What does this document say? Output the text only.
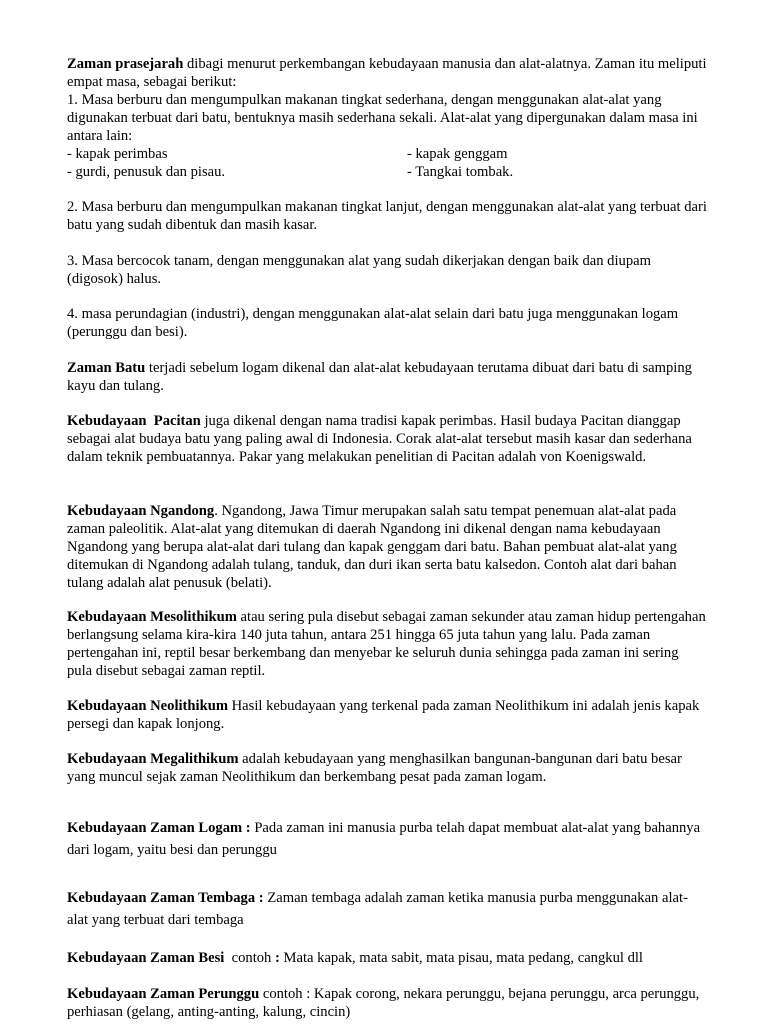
Zaman prasejarah dibagi menurut perkembangan kebudayaan manusia dan alat-alatnya. Zaman itu meliputi empat masa, sebagai berikut:

1. Masa berburu dan mengumpulkan makanan tingkat sederhana, dengan menggunakan alat-alat yang digunakan terbuat dari batu, bentuknya masih sederhana sekali. Alat-alat yang dipergunakan dalam masa ini antara lain:

- kapak perimbas	- kapak genggam
- gurdi, penusuk dan pisau.	- Tangkai tombak.

2. Masa berburu dan mengumpulkan makanan tingkat lanjut, dengan menggunakan alat-alat yang terbuat dari batu yang sudah dibentuk dan masih kasar.

3. Masa bercocok tanam, dengan menggunakan alat yang sudah dikerjakan dengan baik dan diupam (digosok) halus.

4. masa perundagian (industri), dengan menggunakan alat-alat selain dari batu juga menggunakan logam (perunggu dan besi).

Zaman Batu terjadi sebelum logam dikenal dan alat-alat kebudayaan terutama dibuat dari batu di samping kayu dan tulang.

Kebudayaan  Pacitan juga dikenal dengan nama tradisi kapak perimbas. Hasil budaya Pacitan dianggap sebagai alat budaya batu yang paling awal di Indonesia. Corak alat-alat tersebut masih kasar dan sederhana dalam teknik pembuatannya. Pakar yang melakukan penelitian di Pacitan adalah von Koenigswald.

Kebudayaan Ngandong. Ngandong, Jawa Timur merupakan salah satu tempat penemuan alat-alat pada zaman paleolitik. Alat-alat yang ditemukan di daerah Ngandong ini dikenal dengan nama kebudayaan Ngandong yang berupa alat-alat dari tulang dan kapak genggam dari batu. Bahan pembuat alat-alat yang ditemukan di Ngandong adalah tulang, tanduk, dan duri ikan serta batu kalsedon. Contoh alat dari bahan tulang adalah alat penusuk (belati).

Kebudayaan Mesolithikum atau sering pula disebut sebagai zaman sekunder atau zaman hidup pertengahan berlangsung selama kira-kira 140 juta tahun, antara 251 hingga 65 juta tahun yang lalu. Pada zaman pertengahan ini, reptil besar berkembang dan menyebar ke seluruh dunia sehingga pada zaman ini sering pula disebut sebagai zaman reptil.

Kebudayaan Neolithikum Hasil kebudayaan yang terkenal pada zaman Neolithikum ini adalah jenis kapak persegi dan kapak lonjong.

Kebudayaan Megalithikum adalah kebudayaan yang menghasilkan bangunan-bangunan dari batu besar yang muncul sejak zaman Neolithikum dan berkembang pesat pada zaman logam.

Kebudayaan Zaman Logam : Pada zaman ini manusia purba telah dapat membuat alat-alat yang bahannya dari logam, yaitu besi dan perunggu

Kebudayaan Zaman Tembaga : Zaman tembaga adalah zaman ketika manusia purba menggunakan alat-alat yang terbuat dari tembaga

Kebudayaan Zaman Besi  contoh : Mata kapak, mata sabit, mata pisau, mata pedang, cangkul dll

Kebudayaan Zaman Perunggu contoh : Kapak corong, nekara perunggu, bejana perunggu, arca perunggu, perhiasan (gelang, anting-anting, kalung, cincin)
